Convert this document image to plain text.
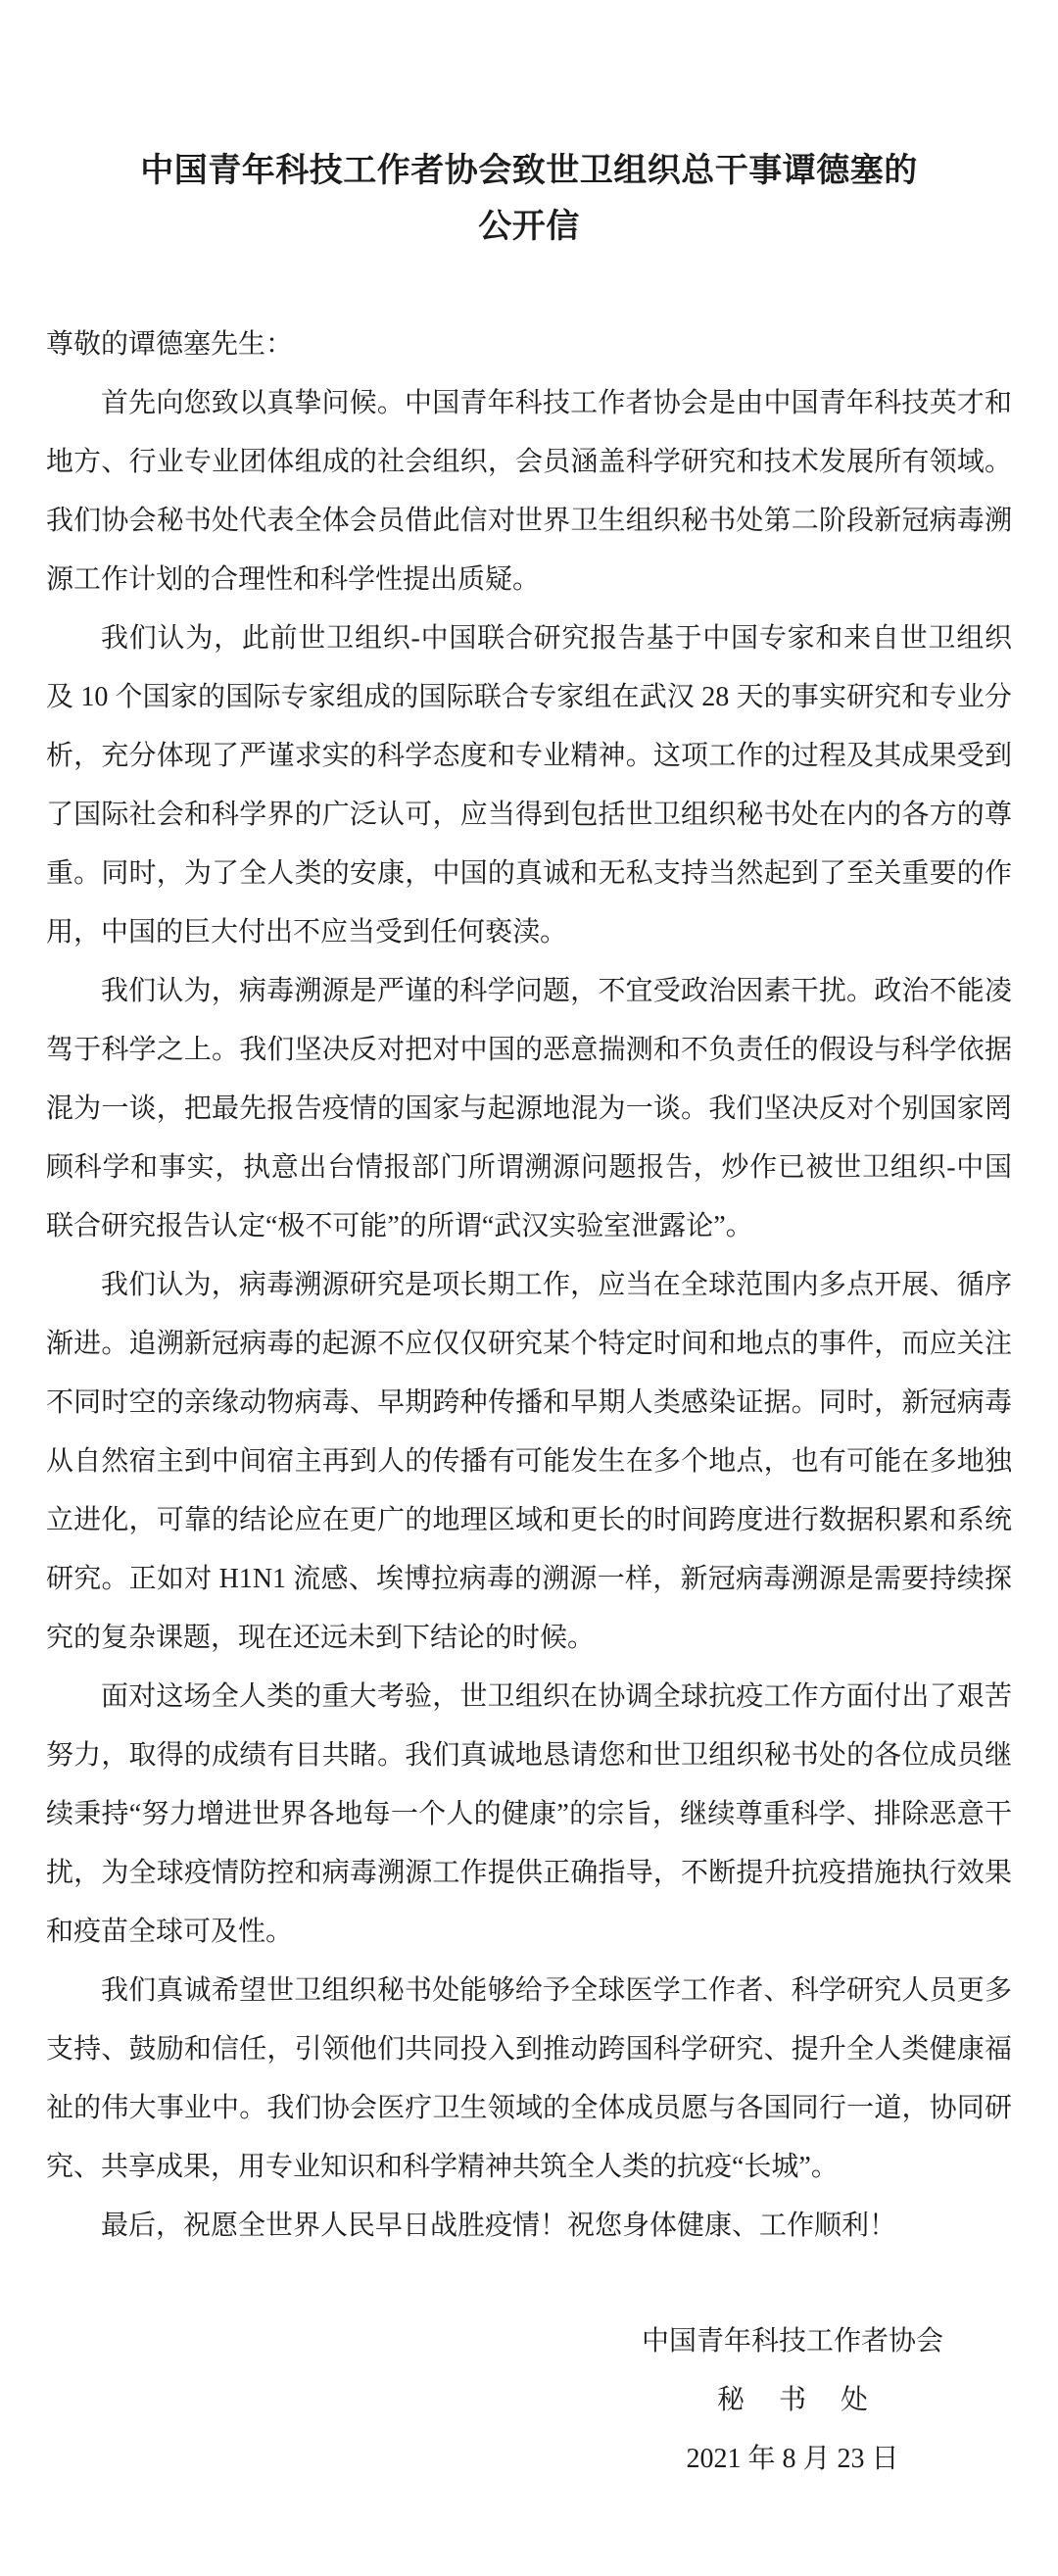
中国青年科技工作者协会致世卫组织总干事谭德塞的
公开信
尊敬的谭德塞先生：

首先向您致以真挚问候。中国青年科技工作者协会是由中国青年科技英才和地方、行业专业团体组成的社会组织，会员涵盖科学研究和技术发展所有领域。我们协会秘书处代表全体会员借此信对世界卫生组织秘书处第二阶段新冠病毒溯源工作计划的合理性和科学性提出质疑。

我们认为，此前世卫组织-中国联合研究报告基于中国专家和来自世卫组织及 10 个国家的国际专家组成的国际联合专家组在武汉 28 天的事实研究和专业分析，充分体现了严谨求实的科学态度和专业精神。这项工作的过程及其成果受到了国际社会和科学界的广泛认可，应当得到包括世卫组织秘书处在内的各方的尊重。同时，为了全人类的安康，中国的真诚和无私支持当然起到了至关重要的作用，中国的巨大付出不应当受到任何亵渎。

我们认为，病毒溯源是严谨的科学问题，不宜受政治因素干扰。政治不能凌驾于科学之上。我们坚决反对把对中国的恶意揣测和不负责任的假设与科学依据混为一谈，把最先报告疫情的国家与起源地混为一谈。我们坚决反对个别国家罔顾科学和事实，执意出台情报部门所谓溯源问题报告，炒作已被世卫组织-中国联合研究报告认定“极不可能”的所谓“武汉实验室泄露论”。

我们认为，病毒溯源研究是项长期工作，应当在全球范围内多点开展、循序渐进。追溯新冠病毒的起源不应仅仅研究某个特定时间和地点的事件，而应关注不同时空的亲缘动物病毒、早期跨种传播和早期人类感染证据。同时，新冠病毒从自然宿主到中间宿主再到人的传播有可能发生在多个地点，也有可能在多地独立进化，可靠的结论应在更广的地理区域和更长的时间跨度进行数据积累和系统研究。正如对 H1N1 流感、埃博拉病毒的溯源一样，新冠病毒溯源是需要持续探究的复杂课题，现在还远未到下结论的时候。

面对这场全人类的重大考验，世卫组织在协调全球抗疫工作方面付出了艰苦努力，取得的成绩有目共睹。我们真诚地恳请您和世卫组织秘书处的各位成员继续秉持“努力增进世界各地每一个人的健康”的宗旨，继续尊重科学、排除恶意干扰，为全球疫情防控和病毒溯源工作提供正确指导，不断提升抗疫措施执行效果和疫苗全球可及性。

我们真诚希望世卫组织秘书处能够给予全球医学工作者、科学研究人员更多支持、鼓励和信任，引领他们共同投入到推动跨国科学研究、提升全人类健康福祉的伟大事业中。我们协会医疗卫生领域的全体成员愿与各国同行一道，协同研究、共享成果，用专业知识和科学精神共筑全人类的抗疫“长城”。

最后，祝愿全世界人民早日战胜疫情！祝您身体健康、工作顺利！

中国青年科技工作者协会
秘 书 处
2021 年 8 月 23 日
